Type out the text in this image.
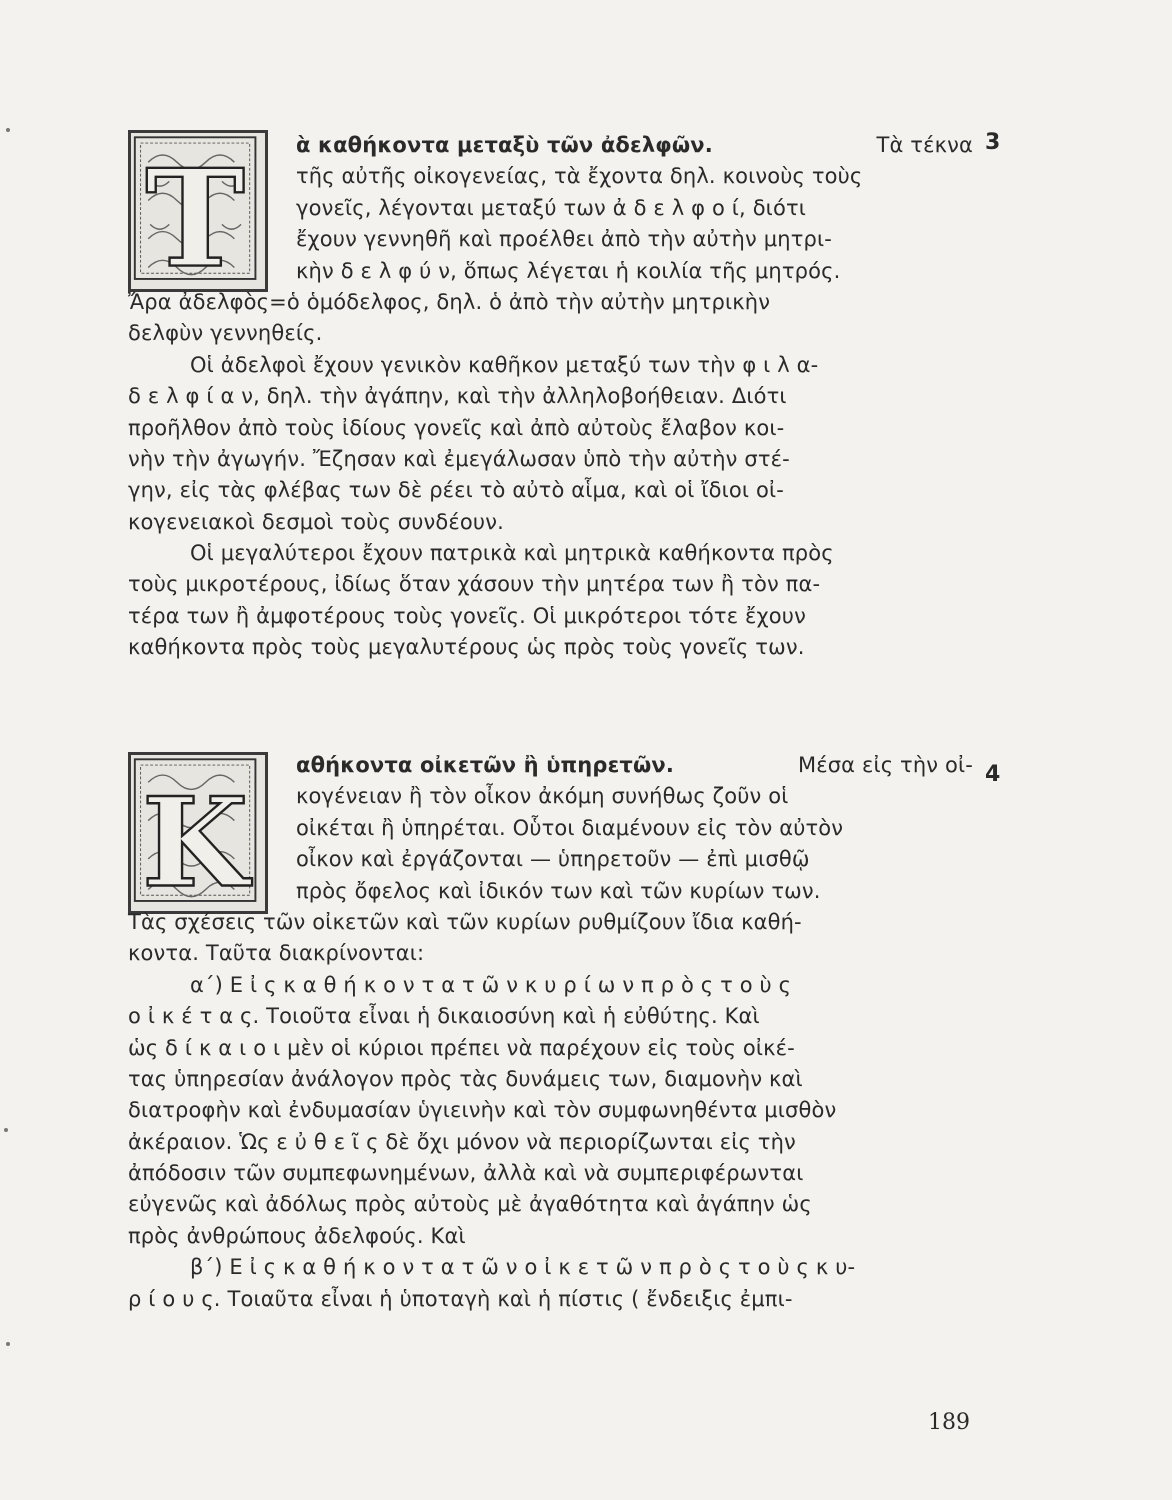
Τ	3
ὰ καθήκοντα μεταξὺ τῶν ἀδελφῶν.	Τὰ τέκνα
τῆς αὐτῆς οἰκογενείας, τὰ ἔχοντα δηλ. κοινοὺς τοὺς
γονεῖς, λέγονται μεταξύ των ἀ δ ε λ φ ο ί, διότι
ἔχουν γεννηθῆ καὶ προέλθει ἀπὸ τὴν αὐτὴν μητρι-
κὴν δ ε λ φ ύ ν, ὅπως λέγεται ἡ κοιλία τῆς μητρός.
Ἄρα ἀδελφὸς=ὁ ὁμόδελφος, δηλ. ὁ ἀπὸ τὴν αὐτὴν μητρικὴν
δελφὺν γεννηθείς.
Οἱ ἀδελφοὶ ἔχουν γενικὸν καθῆκον μεταξύ των τὴν φ ι λ α-
δ ε λ φ ί α ν, δηλ. τὴν ἀγάπην, καὶ τὴν ἀλληλοβοήθειαν. Διότι
προῆλθον ἀπὸ τοὺς ἰδίους γονεῖς καὶ ἀπὸ αὐτοὺς ἔλαβον κοι-
νὴν τὴν ἀγωγήν. Ἔζησαν καὶ ἐμεγάλωσαν ὑπὸ τὴν αὐτὴν στέ-
γην, εἰς τὰς φλέβας των δὲ ρέει τὸ αὐτὸ αἷμα, καὶ οἱ ἴδιοι οἰ-
κογενειακοὶ δεσμοὶ τοὺς συνδέουν.
Οἱ μεγαλύτεροι ἔχουν πατρικὰ καὶ μητρικὰ καθήκοντα πρὸς
τοὺς μικροτέρους, ἰδίως ὅταν χάσουν τὴν μητέρα των ἢ τὸν πα-
τέρα των ἢ ἀμφοτέρους τοὺς γονεῖς. Οἱ μικρότεροι τότε ἔχουν
καθήκοντα πρὸς τοὺς μεγαλυτέρους ὡς πρὸς τοὺς γονεῖς των.
Κ	4
αθήκοντα οἰκετῶν ἢ ὑπηρετῶν.	Μέσα εἰς τὴν οἰ-
κογένειαν ἢ τὸν οἶκον ἀκόμη συνήθως ζοῦν οἱ
οἰκέται ἢ ὑπηρέται. Οὗτοι διαμένουν εἰς τὸν αὐτὸν
οἶκον καὶ ἐργάζονται — ὑπηρετοῦν — ἐπὶ μισθῷ
πρὸς ὄφελος καὶ ἰδικόν των καὶ τῶν κυρίων των.
Τὰς σχέσεις τῶν οἰκετῶν καὶ τῶν κυρίων ρυθμίζουν ἴδια καθή-
κοντα. Ταῦτα διακρίνονται:
α΄) Ε ἰ ς κ α θ ή κ ο ν τ α τ ῶ ν κ υ ρ ί ω ν π ρ ὸ ς τ ο ὺ ς
ο ἰ κ έ τ α ς. Τοιοῦτα εἶναι ἡ δικαιοσύνη καὶ ἡ εὐθύτης. Καὶ
ὡς δ ί κ α ι ο ι μὲν οἱ κύριοι πρέπει νὰ παρέχουν εἰς τοὺς οἰκέ-
τας ὑπηρεσίαν ἀνάλογον πρὸς τὰς δυνάμεις των, διαμονὴν καὶ
διατροφὴν καὶ ἐνδυμασίαν ὑγιεινὴν καὶ τὸν συμφωνηθέντα μισθὸν
ἀκέραιον. Ὡς ε ὐ θ ε ῖ ς δὲ ὄχι μόνον νὰ περιορίζωνται εἰς τὴν
ἀπόδοσιν τῶν συμπεφωνημένων, ἀλλὰ καὶ νὰ συμπεριφέρωνται
εὐγενῶς καὶ ἀδόλως πρὸς αὐτοὺς μὲ ἀγαθότητα καὶ ἀγάπην ὡς
πρὸς ἀνθρώπους ἀδελφούς. Καὶ
β΄) Ε ἰ ς κ α θ ή κ ο ν τ α τ ῶ ν ο ἰ κ ε τ ῶ ν π ρ ὸ ς τ ο ὺ ς κ υ-
ρ ί ο υ ς. Τοιαῦτα εἶναι ἡ ὑποταγὴ καὶ ἡ πίστις ( ἔνδειξις ἐμπι-
189
